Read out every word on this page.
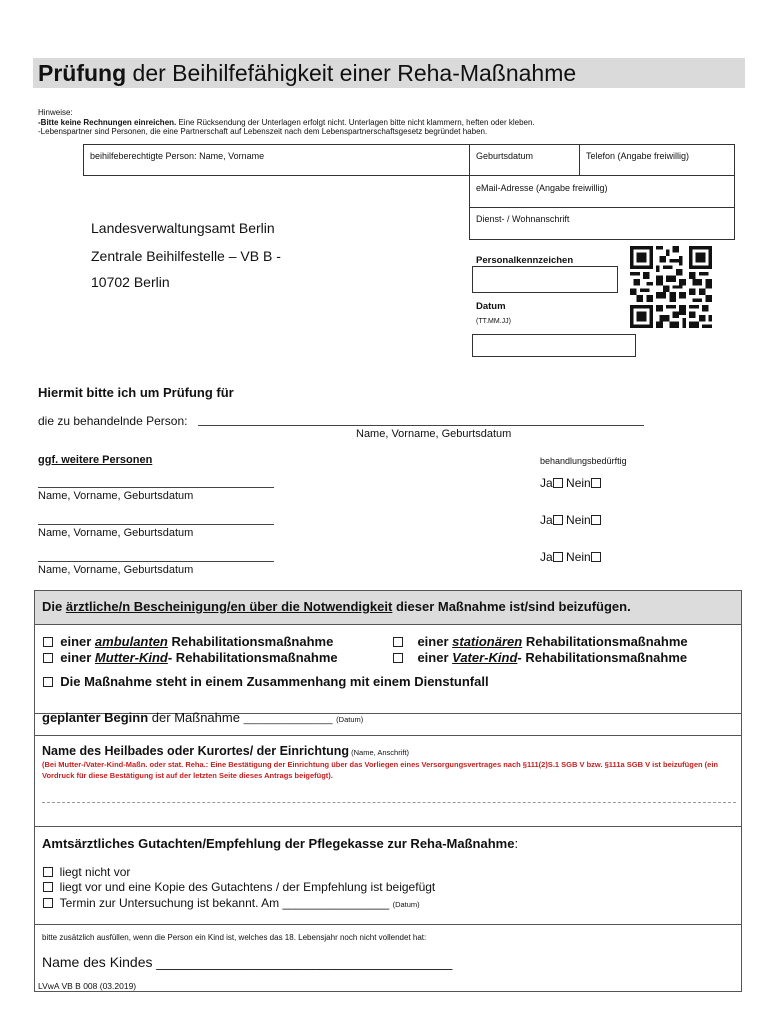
Prüfung der Beihilfefähigkeit einer Reha-Maßnahme
Hinweise:
-Bitte keine Rechnungen einreichen. Eine Rücksendung der Unterlagen erfolgt nicht. Unterlagen bitte nicht klammern, heften oder kleben.
-Lebenspartner sind Personen, die eine Partnerschaft auf Lebenszeit nach dem Lebenspartnerschaftsgesetz begründet haben.
beihilfeberechtigte Person: Name, Vorname	Geburtsdatum	Telefon (Angabe freiwillig)
eMail-Adresse (Angabe freiwillig)
Dienst- / Wohnanschrift
Landesverwaltungsamt Berlin
Zentrale Beihilfestelle – VB B -
10702 Berlin
Personalkennzeichen
Datum
(TT.MM.JJ)
Hiermit bitte ich um Prüfung für
die zu behandelnde Person:
Name, Vorname, Geburtsdatum
ggf. weitere Personen	behandlungsbedürftig
Name, Vorname, Geburtsdatum
Ja Nein
Name, Vorname, Geburtsdatum
Ja Nein
Name, Vorname, Geburtsdatum
Ja Nein
Die ärztliche/n Bescheinigung/en über die Notwendigkeit dieser Maßnahme ist/sind beizufügen.
einer ambulanten Rehabilitationsmaßnahme	einer stationären Rehabilitationsmaßnahme
einer Mutter-Kind- Rehabilitationsmaßnahme	einer Vater-Kind- Rehabilitationsmaßnahme
Die Maßnahme steht in einem Zusammenhang mit einem Dienstunfall
geplanter Beginn der Maßnahme ________________ (Datum)
Name des Heilbades oder Kurortes/ der Einrichtung (Name, Anschrift)
(Bei Mutter-/Vater-Kind-Maßn. oder stat. Reha.: Eine Bestätigung der Einrichtung über das Vorliegen eines Versorgungsvertrages nach §111(2)S.1 SGB V bzw. §111a SGB V ist beizufügen (ein Vordruck für diese Bestätigung ist auf der letzten Seite dieses Antrags beigefügt).
Amtsärztliches Gutachten/Empfehlung der Pflegekasse zur Reha-Maßnahme:
liegt nicht vor
liegt vor und eine Kopie des Gutachtens / der Empfehlung ist beigefügt
Termin zur Untersuchung ist bekannt. Am ________________ (Datum)
bitte zusätzlich ausfüllen, wenn die Person ein Kind ist, welches das 18. Lebensjahr noch nicht vollendet hat:
Name des Kindes ______________________________________
LVwA VB B 008 (03.2019)
